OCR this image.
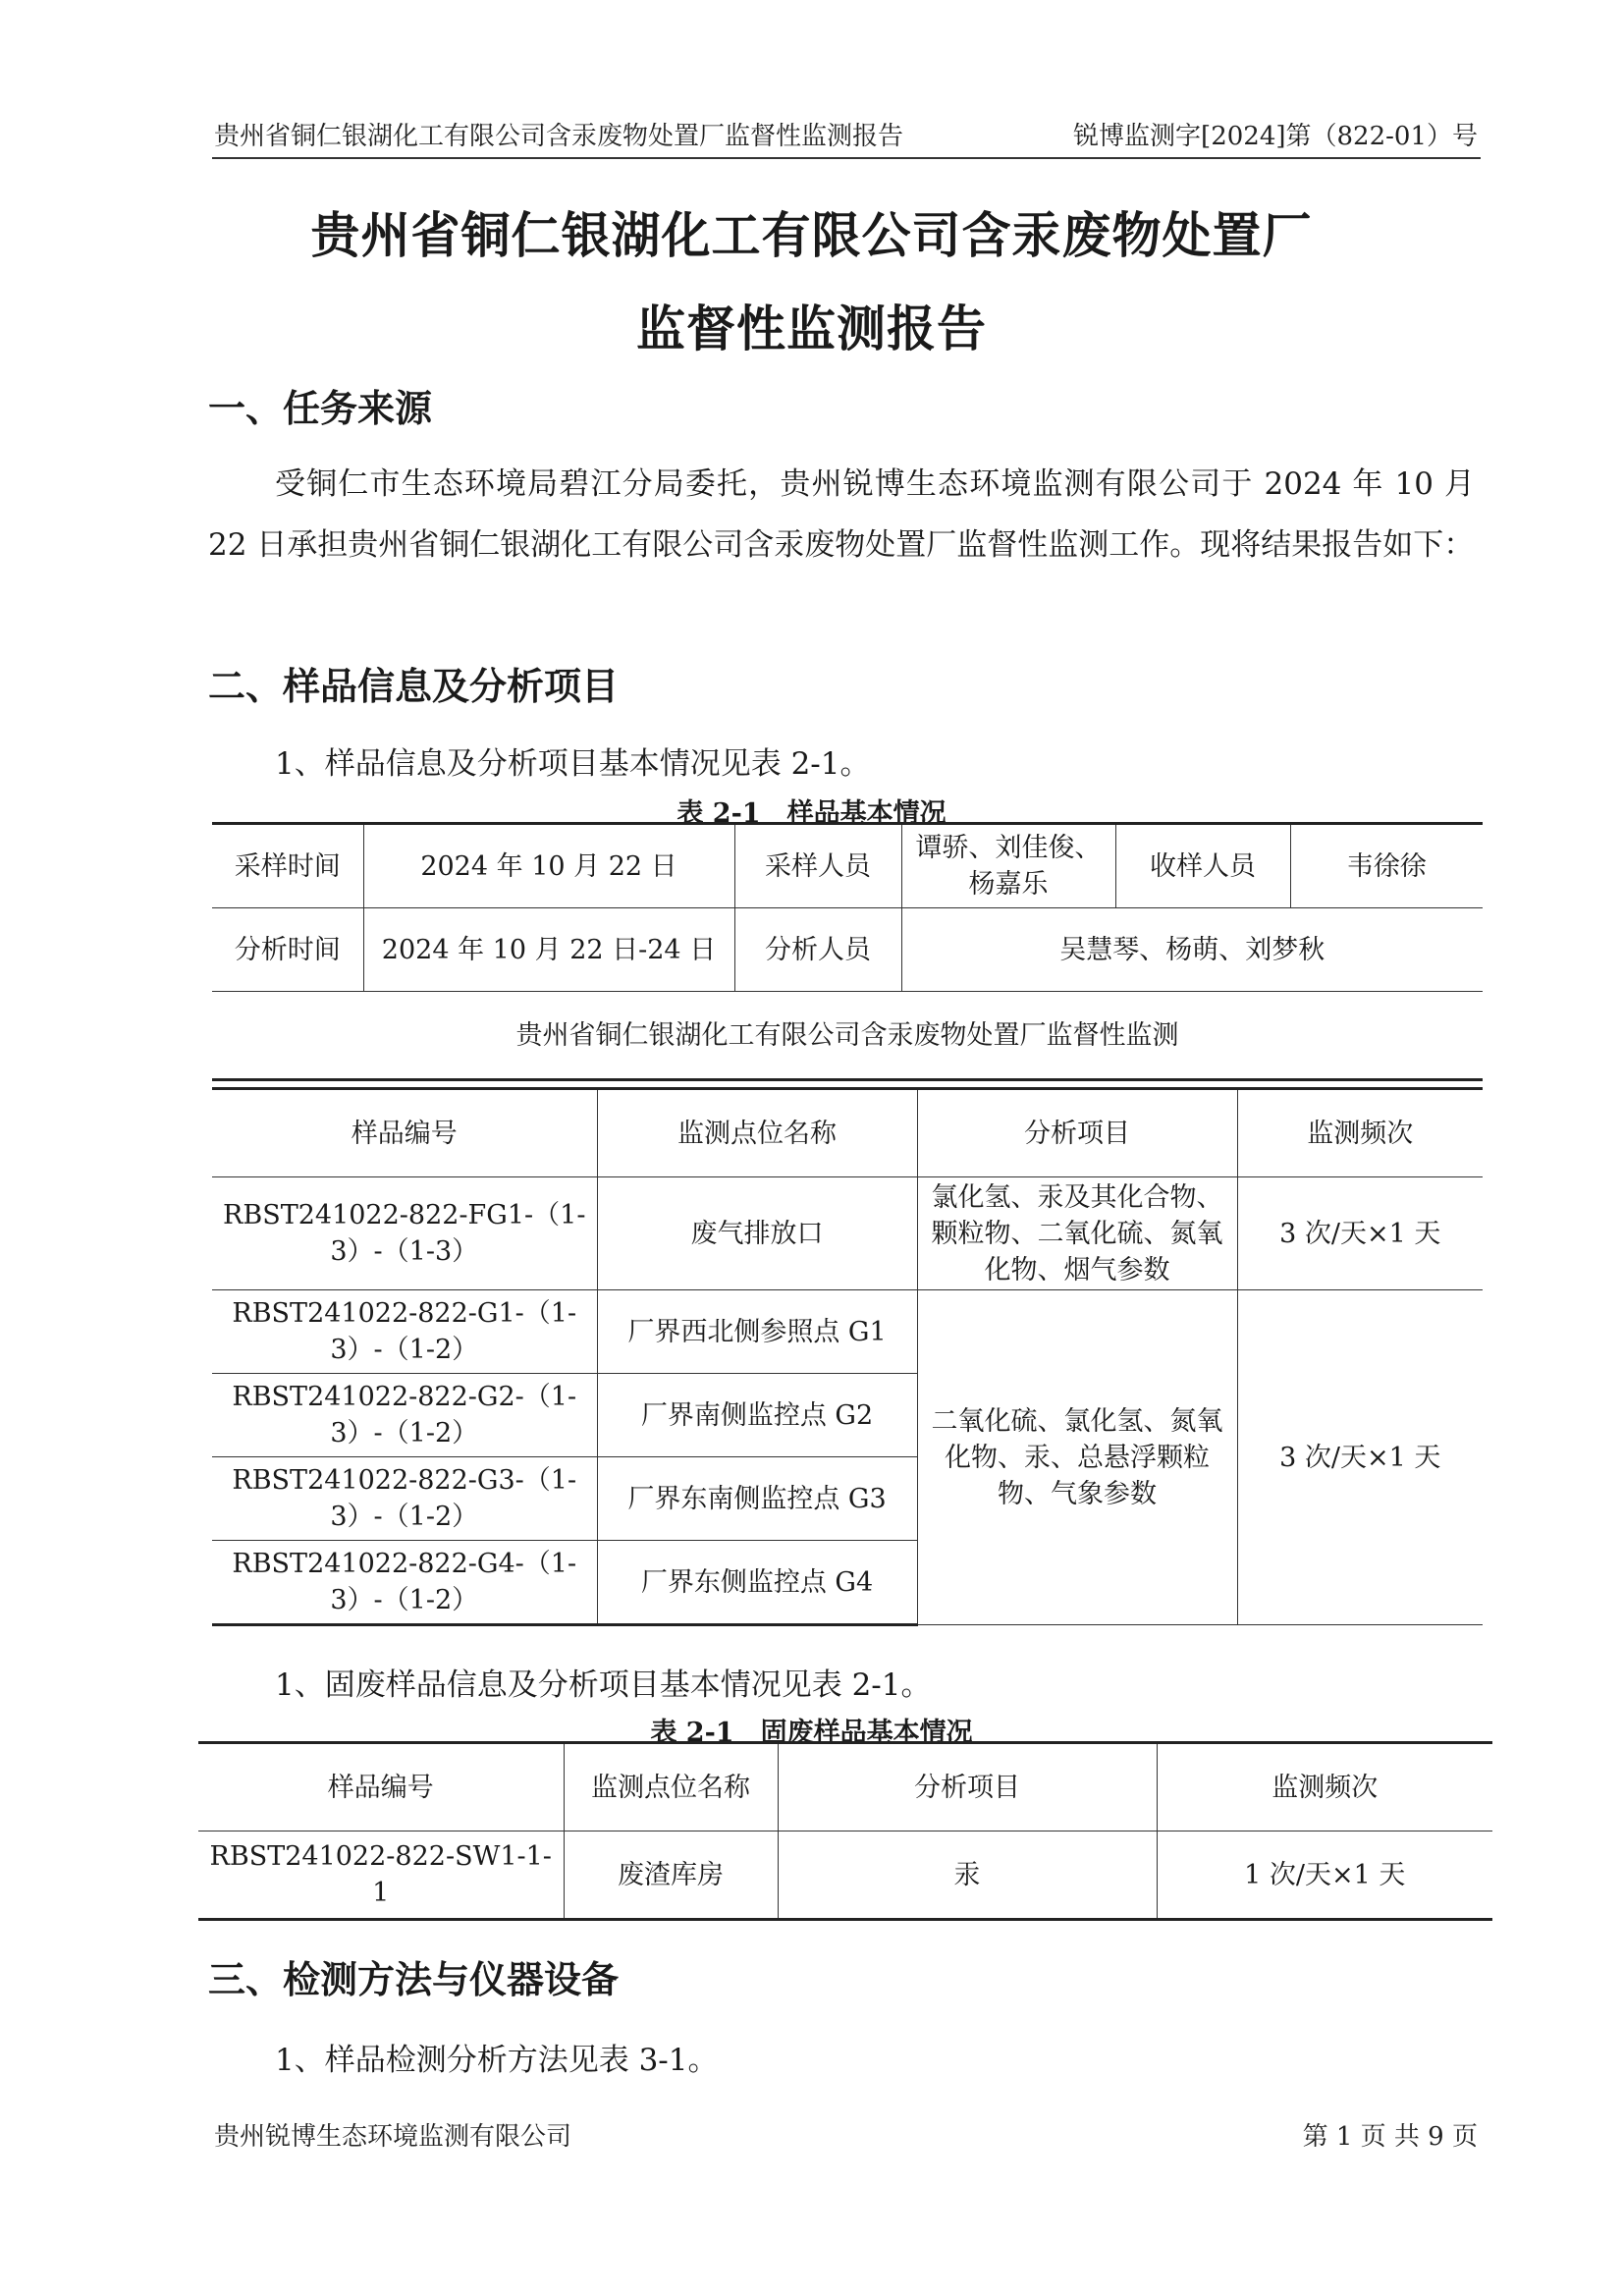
贵州省铜仁银湖化工有限公司含汞废物处置厂监督性监测报告	锐博监测字[2024]第（822-01）号
贵州省铜仁银湖化工有限公司含汞废物处置厂
监督性监测报告
一、任务来源
受铜仁市生态环境局碧江分局委托，贵州锐博生态环境监测有限公司于 2024 年 10 月 22 日承担贵州省铜仁银湖化工有限公司含汞废物处置厂监督性监测工作。现将结果报告如下：
二、样品信息及分析项目
1、样品信息及分析项目基本情况见表 2-1。
表 2-1　样品基本情况
采样时间	2024 年 10 月 22 日	采样人员	谭骄、刘佳俊、杨嘉乐	收样人员	韦徐徐
分析时间	2024 年 10 月 22 日-24 日	分析人员	吴慧琴、杨萌、刘梦秋		
贵州省铜仁银湖化工有限公司含汞废物处置厂监督性监测					
样品编号	监测点位名称	分析项目	监测频次
RBST241022-822-FG1-（1-3）-（1-3）	废气排放口	氯化氢、汞及其化合物、颗粒物、二氧化硫、氮氧化物、烟气参数	3 次/天×1 天
RBST241022-822-G1-（1-3）-（1-2）	厂界西北侧参照点 G1	二氧化硫、氯化氢、氮氧化物、汞、总悬浮颗粒物、气象参数	3 次/天×1 天
RBST241022-822-G2-（1-3）-（1-2）	厂界南侧监控点 G2		
RBST241022-822-G3-（1-3）-（1-2）	厂界东南侧监控点 G3		
RBST241022-822-G4-（1-3）-（1-2）	厂界东侧监控点 G4		
1、固废样品信息及分析项目基本情况见表 2-1。
表 2-1　固废样品基本情况
样品编号	监测点位名称	分析项目	监测频次
RBST241022-822-SW1-1-1	废渣库房	汞	1 次/天×1 天
三、检测方法与仪器设备
1、样品检测分析方法见表 3-1。
贵州锐博生态环境监测有限公司	第 1 页 共 9 页
